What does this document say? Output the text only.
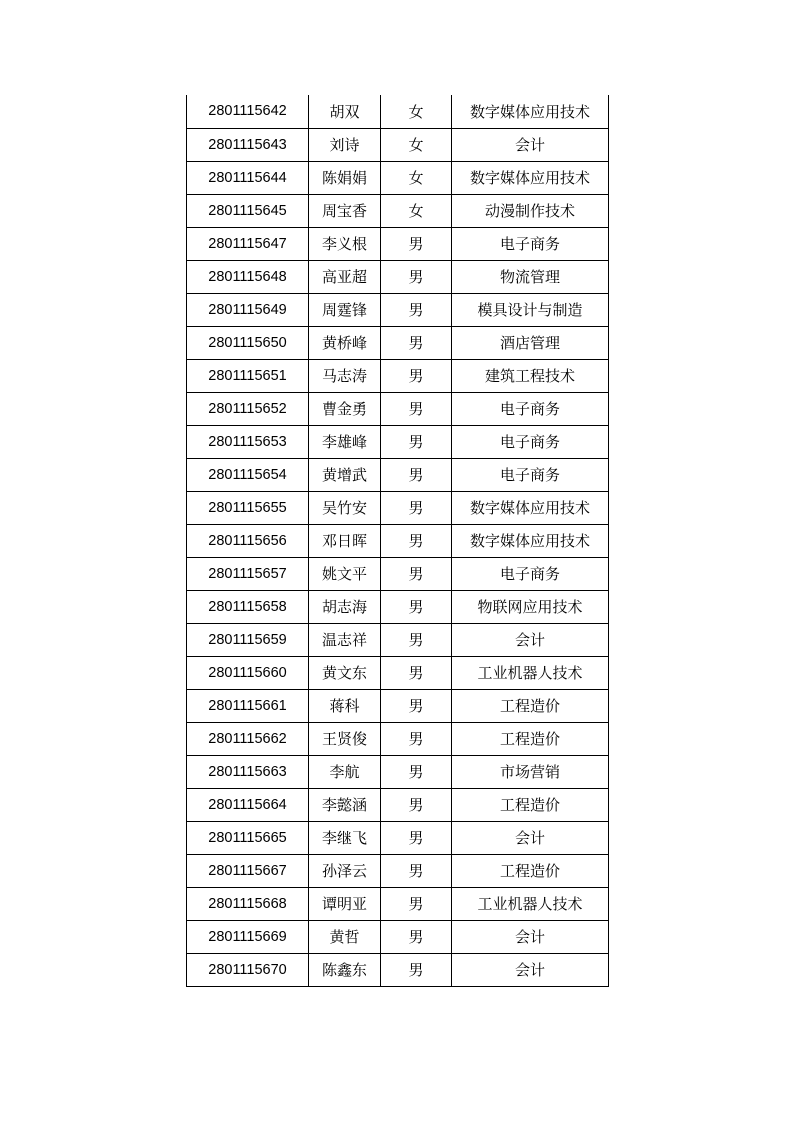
2801115642	胡双	女	数字媒体应用技术
2801115643	刘诗	女	会计
2801115644	陈娟娟	女	数字媒体应用技术
2801115645	周宝香	女	动漫制作技术
2801115647	李义根	男	电子商务
2801115648	高亚超	男	物流管理
2801115649	周霆锋	男	模具设计与制造
2801115650	黄桥峰	男	酒店管理
2801115651	马志涛	男	建筑工程技术
2801115652	曹金勇	男	电子商务
2801115653	李雄峰	男	电子商务
2801115654	黄增武	男	电子商务
2801115655	吴竹安	男	数字媒体应用技术
2801115656	邓日晖	男	数字媒体应用技术
2801115657	姚文平	男	电子商务
2801115658	胡志海	男	物联网应用技术
2801115659	温志祥	男	会计
2801115660	黄文东	男	工业机器人技术
2801115661	蒋科	男	工程造价
2801115662	王贤俊	男	工程造价
2801115663	李航	男	市场营销
2801115664	李懿涵	男	工程造价
2801115665	李继飞	男	会计
2801115667	孙泽云	男	工程造价
2801115668	谭明亚	男	工业机器人技术
2801115669	黄哲	男	会计
2801115670	陈鑫东	男	会计
